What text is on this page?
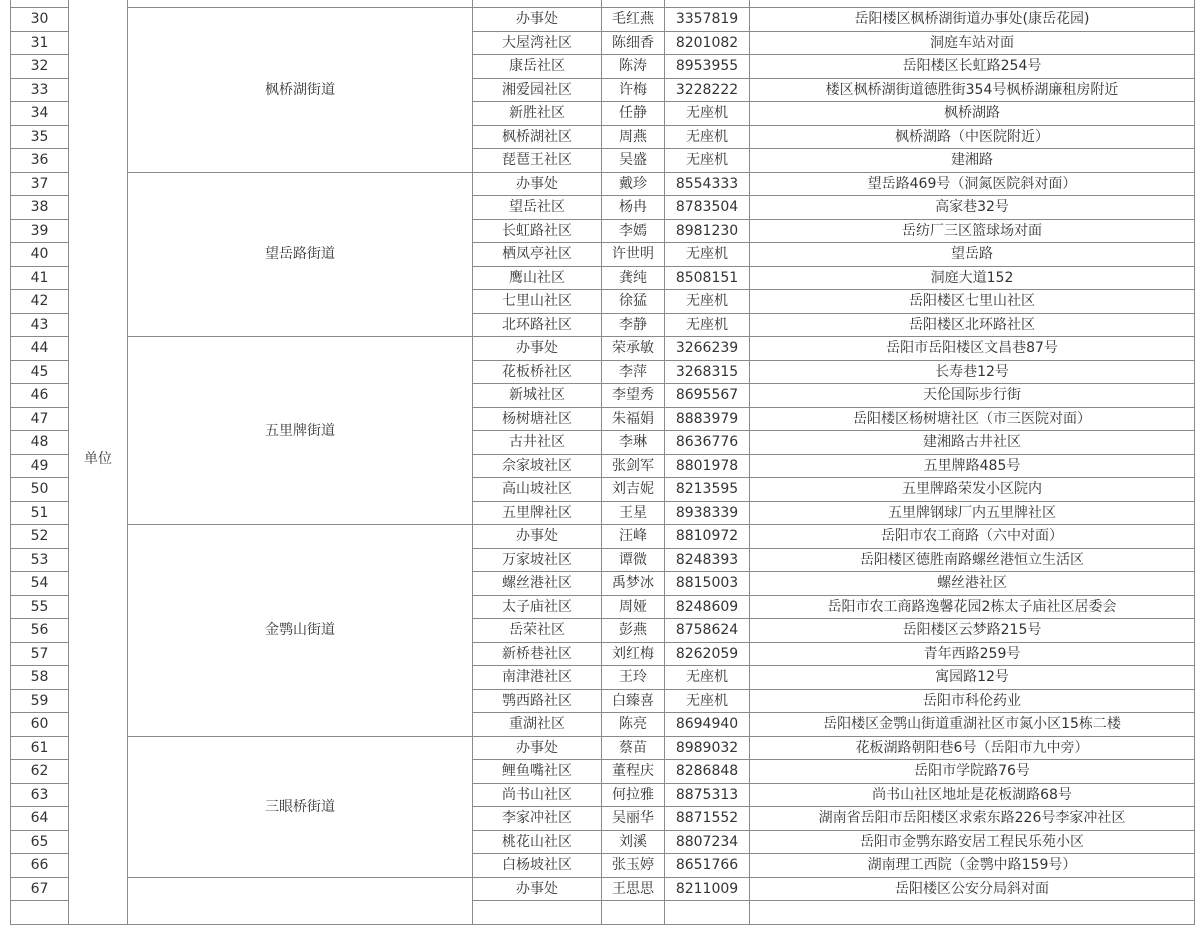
	单位					
30		枫桥湖街道	办事处	毛红燕	3357819	岳阳楼区枫桥湖街道办事处(康岳花园)
31			大屋湾社区	陈细香	8201082	洞庭车站对面
32			康岳社区	陈涛	8953955	岳阳楼区长虹路254号
33			湘爱园社区	许梅	3228222	楼区枫桥湖街道德胜街354号枫桥湖廉租房附近
34			新胜社区	任静	无座机	枫桥湖路
35			枫桥湖社区	周燕	无座机	枫桥湖路（中医院附近）
36			琵琶王社区	吴盛	无座机	建湘路
37		望岳路街道	办事处	戴珍	8554333	望岳路469号（洞氮医院斜对面）
38			望岳社区	杨冉	8783504	高家巷32号
39			长虹路社区	李嫣	8981230	岳纺厂三区篮球场对面
40			栖凤亭社区	许世明	无座机	望岳路
41			鹰山社区	龚纯	8508151	洞庭大道152
42			七里山社区	徐猛	无座机	岳阳楼区七里山社区
43			北环路社区	李静	无座机	岳阳楼区北环路社区
44		五里牌街道	办事处	荣承敏	3266239	岳阳市岳阳楼区文昌巷87号
45			花板桥社区	李萍	3268315	长寿巷12号
46			新城社区	李望秀	8695567	天伦国际步行街
47			杨树塘社区	朱福娟	8883979	岳阳楼区杨树塘社区（市三医院对面）
48			古井社区	李琳	8636776	建湘路古井社区
49			佘家坡社区	张剑军	8801978	五里牌路485号
50			高山坡社区	刘吉妮	8213595	五里牌路荣发小区院内
51			五里牌社区	王星	8938339	五里牌钢球厂内五里牌社区
52		金鹗山街道	办事处	汪峰	8810972	岳阳市农工商路（六中对面）
53			万家坡社区	谭微	8248393	岳阳楼区德胜南路螺丝港恒立生活区
54			螺丝港社区	禹梦冰	8815003	螺丝港社区
55			太子庙社区	周娅	8248609	岳阳市农工商路逸馨花园2栋太子庙社区居委会
56			岳荣社区	彭燕	8758624	岳阳楼区云梦路215号
57			新桥巷社区	刘红梅	8262059	青年西路259号
58			南津港社区	王玲	无座机	寓园路12号
59			鹗西路社区	白臻喜	无座机	岳阳市科伦药业
60			重湖社区	陈亮	8694940	岳阳楼区金鹗山街道重湖社区市氮小区15栋二楼
61		三眼桥街道	办事处	蔡苗	8989032	花板湖路朝阳巷6号（岳阳市九中旁）
62			鲤鱼嘴社区	董程庆	8286848	岳阳市学院路76号
63			尚书山社区	何拉雅	8875313	尚书山社区地址是花板湖路68号
64			李家冲社区	吴丽华	8871552	湖南省岳阳市岳阳楼区求索东路226号李家冲社区
65			桃花山社区	刘溪	8807234	岳阳市金鹗东路安居工程民乐苑小区
66			白杨坡社区	张玉婷	8651766	湖南理工西院（金鹗中路159号）
67			办事处	王思思	8211009	岳阳楼区公安分局斜对面
